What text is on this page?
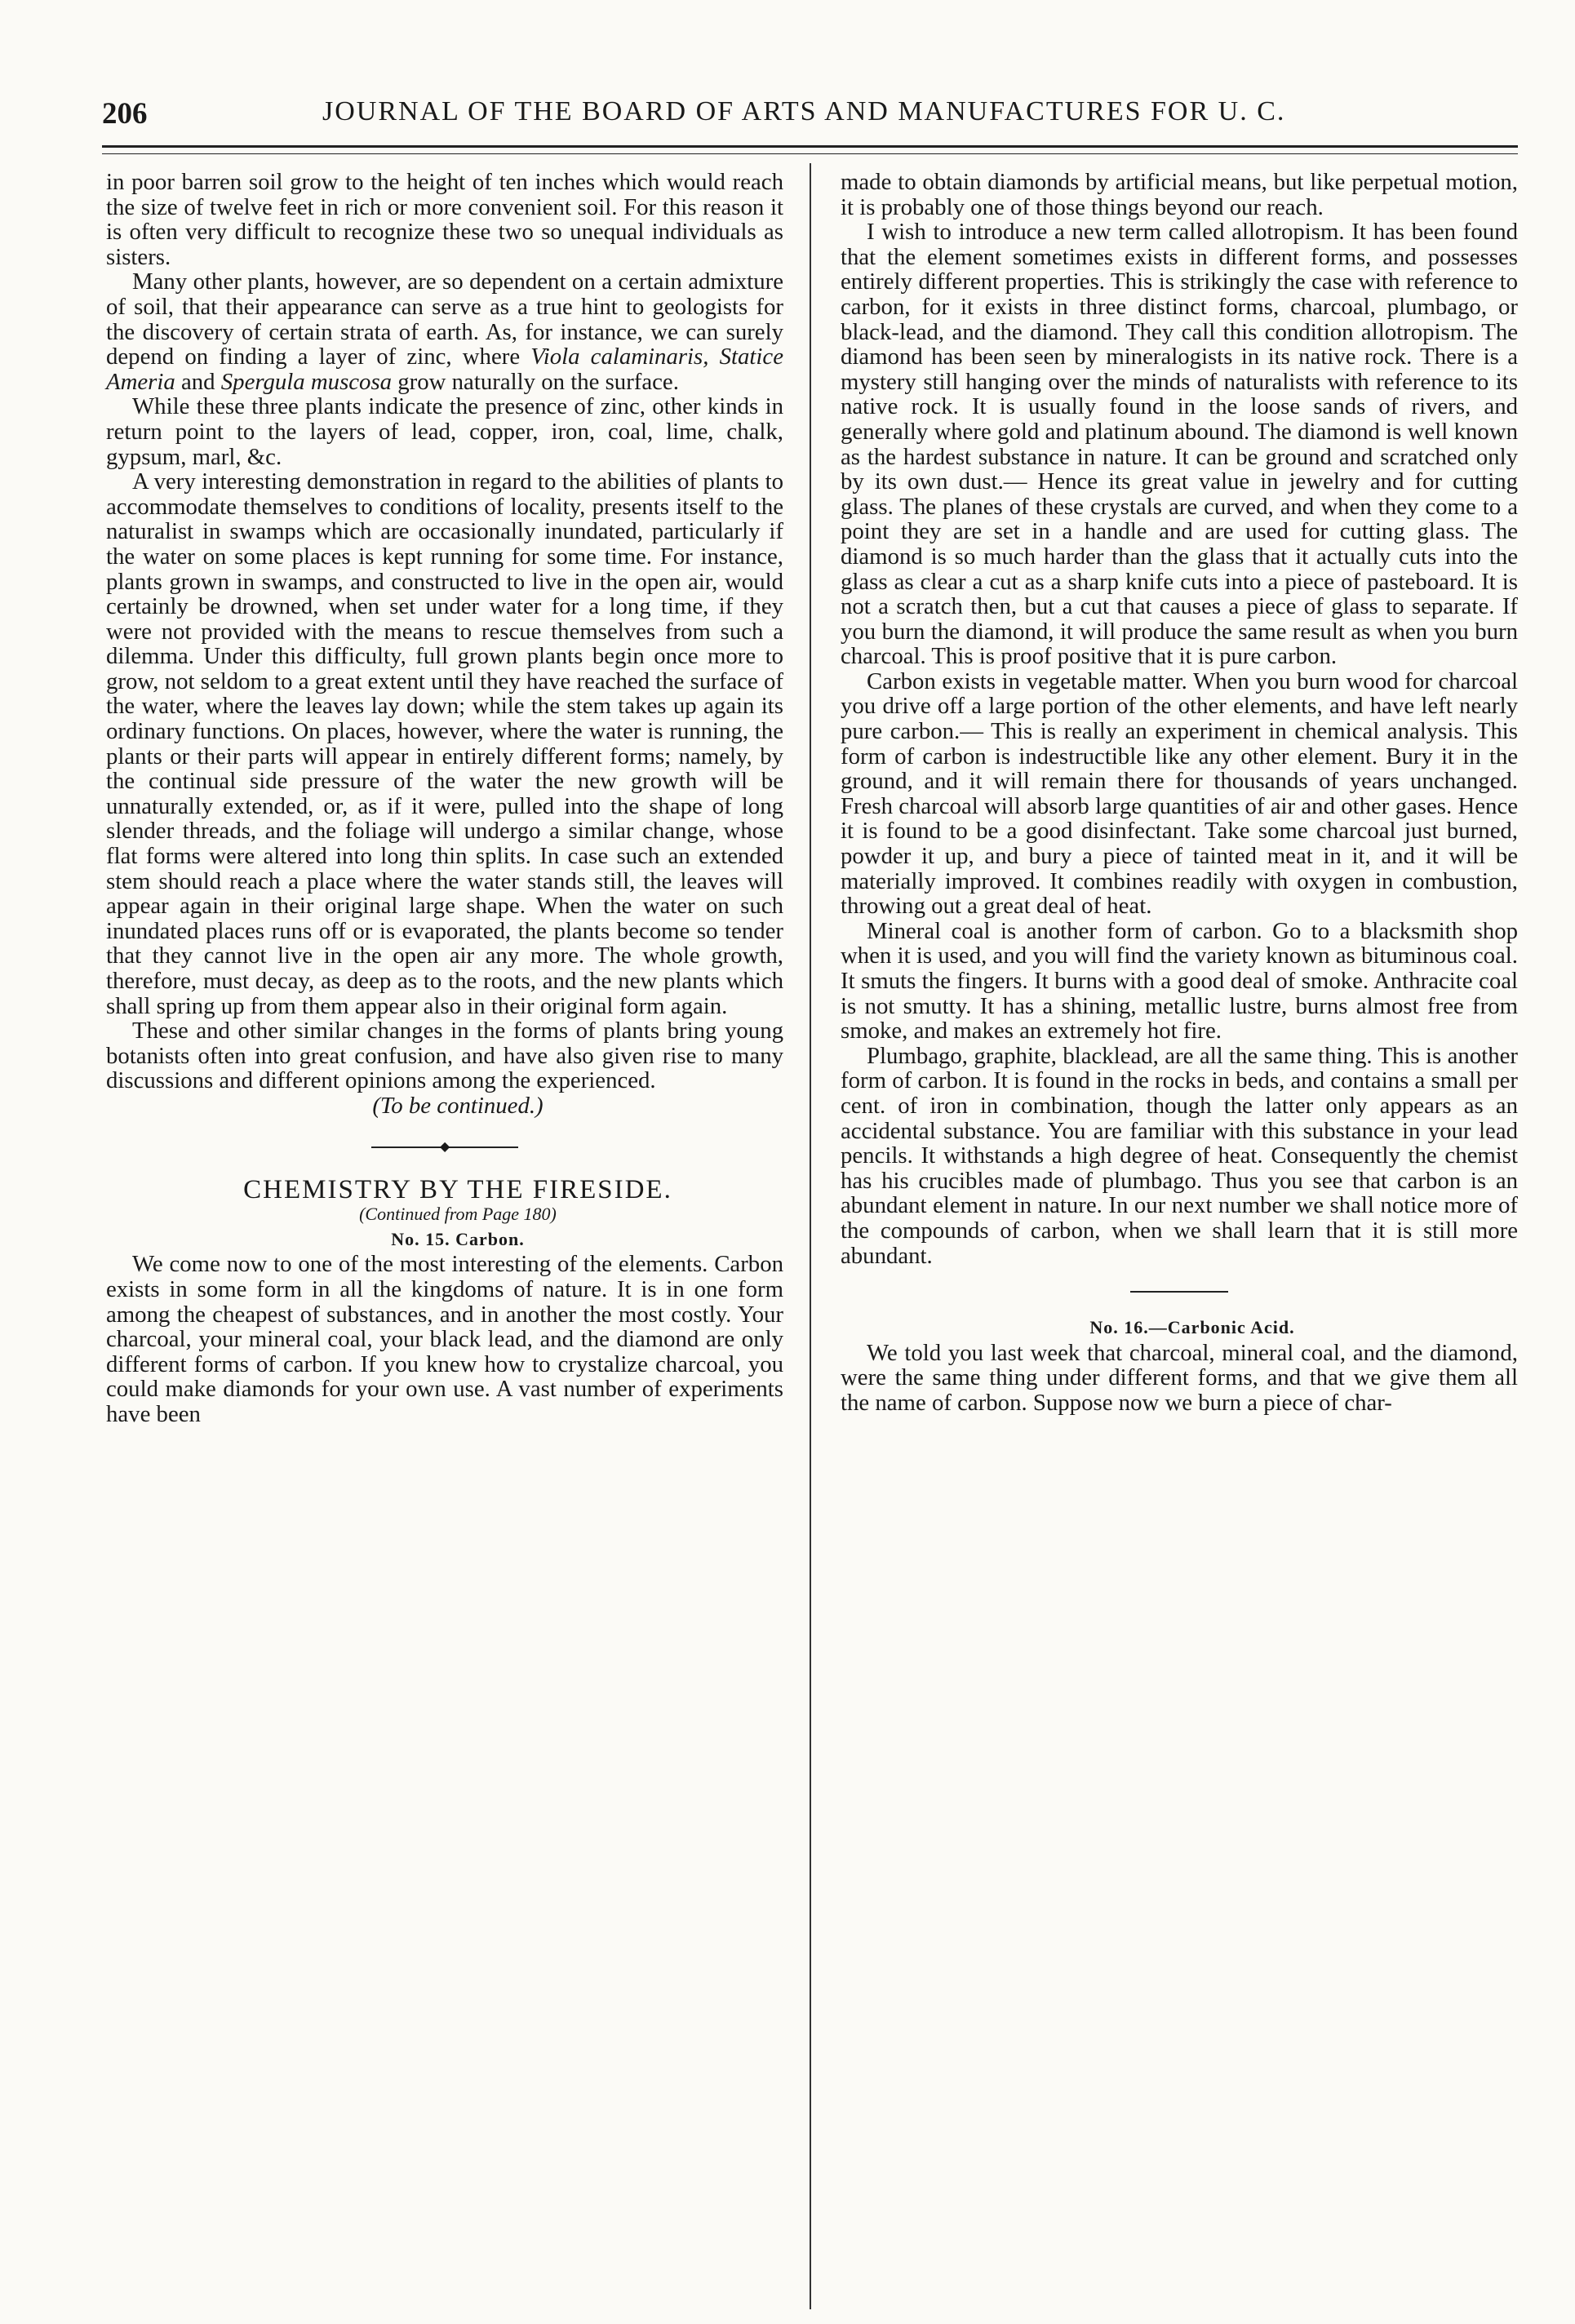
206	JOURNAL OF THE BOARD OF ARTS AND MANUFACTURES FOR U. C.

in poor barren soil grow to the height of ten inches which would reach the size of twelve feet in rich or more convenient soil. For this reason it is often very difficult to recognize these two so unequal individuals as sisters.

Many other plants, however, are so dependent on a certain admixture of soil, that their appearance can serve as a true hint to geologists for the discovery of certain strata of earth. As, for instance, we can surely depend on finding a layer of zinc, where Viola calaminaris, Statice Ameria and Spergula muscosa grow naturally on the surface.

While these three plants indicate the presence of zinc, other kinds in return point to the layers of lead, copper, iron, coal, lime, chalk, gypsum, marl, &c.

A very interesting demonstration in regard to the abilities of plants to accommodate themselves to conditions of locality, presents itself to the naturalist in swamps which are occasionally inundated, particularly if the water on some places is kept running for some time. For instance, plants grown in swamps, and constructed to live in the open air, would certainly be drowned, when set under water for a long time, if they were not provided with the means to rescue themselves from such a dilemma. Under this difficulty, full grown plants begin once more to grow, not seldom to a great extent until they have reached the surface of the water, where the leaves lay down; while the stem takes up again its ordinary functions. On places, however, where the water is running, the plants or their parts will appear in entirely different forms; namely, by the continual side pressure of the water the new growth will be unnaturally extended, or, as if it were, pulled into the shape of long slender threads, and the foliage will undergo a similar change, whose flat forms were altered into long thin splits. In case such an extended stem should reach a place where the water stands still, the leaves will appear again in their original large shape. When the water on such inundated places runs off or is evaporated, the plants become so tender that they cannot live in the open air any more. The whole growth, therefore, must decay, as deep as to the roots, and the new plants which shall spring up from them appear also in their original form again.

These and other similar changes in the forms of plants bring young botanists often into great confusion, and have also given rise to many discussions and different opinions among the experienced.

(To be continued.)

◆

CHEMISTRY BY THE FIRESIDE.

(Continued from Page 180)

No. 15. Carbon.

We come now to one of the most interesting of the elements. Carbon exists in some form in all the kingdoms of nature. It is in one form among the cheapest of substances, and in another the most costly. Your charcoal, your mineral coal, your black lead, and the diamond are only different forms of carbon. If you knew how to crystalize charcoal, you could make diamonds for your own use. A vast number of experiments have been

made to obtain diamonds by artificial means, but like perpetual motion, it is probably one of those things beyond our reach.

I wish to introduce a new term called allotropism. It has been found that the element sometimes exists in different forms, and possesses entirely different properties. This is strikingly the case with reference to carbon, for it exists in three distinct forms, charcoal, plumbago, or black-lead, and the diamond. They call this condition allotropism. The diamond has been seen by mineralogists in its native rock. There is a mystery still hanging over the minds of naturalists with reference to its native rock. It is usually found in the loose sands of rivers, and generally where gold and platinum abound. The diamond is well known as the hardest substance in nature. It can be ground and scratched only by its own dust.— Hence its great value in jewelry and for cutting glass. The planes of these crystals are curved, and when they come to a point they are set in a handle and are used for cutting glass. The diamond is so much harder than the glass that it actually cuts into the glass as clear a cut as a sharp knife cuts into a piece of pasteboard. It is not a scratch then, but a cut that causes a piece of glass to separate. If you burn the diamond, it will produce the same result as when you burn charcoal. This is proof positive that it is pure carbon.

Carbon exists in vegetable matter. When you burn wood for charcoal you drive off a large portion of the other elements, and have left nearly pure carbon.— This is really an experiment in chemical analysis. This form of carbon is indestructible like any other element. Bury it in the ground, and it will remain there for thousands of years unchanged. Fresh charcoal will absorb large quantities of air and other gases. Hence it is found to be a good disinfectant. Take some charcoal just burned, powder it up, and bury a piece of tainted meat in it, and it will be materially improved. It combines readily with oxygen in combustion, throwing out a great deal of heat.

Mineral coal is another form of carbon. Go to a blacksmith shop when it is used, and you will find the variety known as bituminous coal. It smuts the fingers. It burns with a good deal of smoke. Anthracite coal is not smutty. It has a shining, metallic lustre, burns almost free from smoke, and makes an extremely hot fire.

Plumbago, graphite, blacklead, are all the same thing. This is another form of carbon. It is found in the rocks in beds, and contains a small per cent. of iron in combination, though the latter only appears as an accidental substance. You are familiar with this substance in your lead pencils. It withstands a high degree of heat. Consequently the chemist has his crucibles made of plumbago. Thus you see that carbon is an abundant element in nature. In our next number we shall notice more of the compounds of carbon, when we shall learn that it is still more abundant.

No. 16.—Carbonic Acid.

We told you last week that charcoal, mineral coal, and the diamond, were the same thing under different forms, and that we give them all the name of carbon. Suppose now we burn a piece of char-
